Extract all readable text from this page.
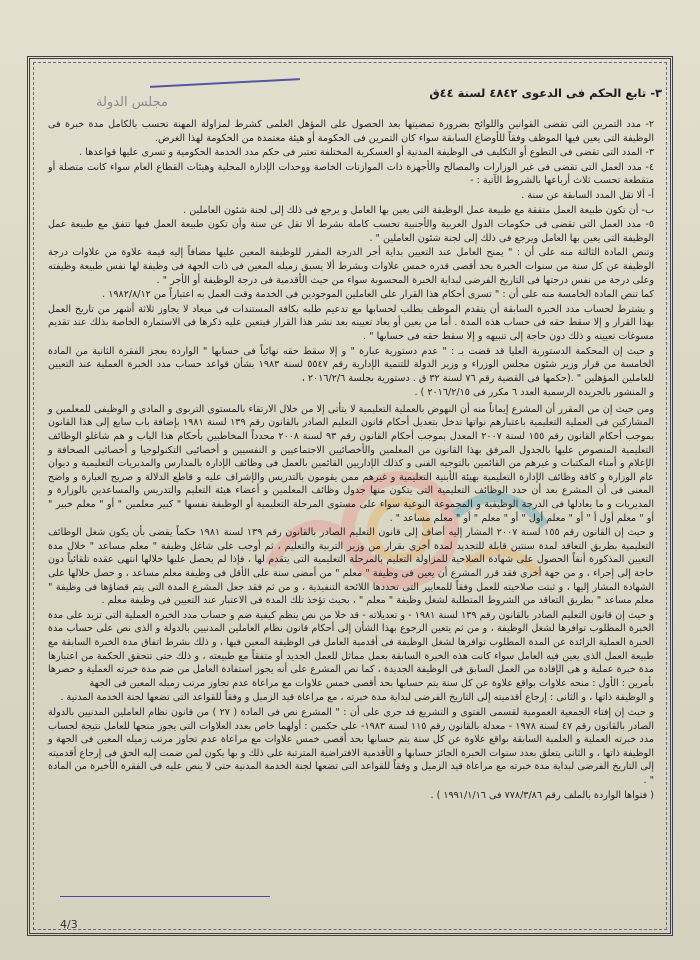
٣- تابع الحكم فى الدعوى ٤٨٤٢ لسنة ٤٤ق
مجلس الدولة

٢- مدد التمرين التى تقضى القوانين واللوائح بضرورة تمضيتها بعد الحصول على المؤهل العلمى كشرط لمزاولة المهنة تحسب بالكامل مدة خبرة فى الوظيفة التى يعين فيها الموظف وفقاً للأوضاع السابقة سواء كان التمرين فى الحكومة أو هيئة معتمدة من الحكومة لهذا الغرض.

٣- المدد التى تقضى فى التطوع أو التكليف فى الوظيفة المدنية أو العسكرية المختلفة تعتبر فى حكم مدد الخدمة الحكومية و تسرى عليها قواعدها .

٤- مدد العمل التى تقضى فى غير الوزارات والمصالح والأجهزة ذات الموازنات الخاصة ووحدات الإدارة المحلية وهيئات القطاع العام سواء كانت متصلة أو متقطعة تحسب ثلاث أرباعها بالشروط الآتية : -

أ- ألا تقل المدد السابقة عن سنة .

ب- أن تكون طبيعة العمل متفقة مع طبيعة عمل الوظيفة التى يعين بها العامل و يرجع فى ذلك إلى لجنة شئون العاملين .

٥- مدد العمل التى تقضى فى حكومات الدول العربية والأجنبية تحسب كاملة بشرط ألا تقل عن سنة وأن تكون طبيعة العمل فيها تتفق مع طبيعة عمل الوظيفة التى يعين بها العامل ويرجع فى ذلك إلى لجنة شئون العاملين " .

وتنص المادة الثالثة منه على أن : " يمنح العامل عند التعيين بداية أجر الدرجة المقرر للوظيفة المعين عليها مضافاً إليه قيمة علاوة من علاوات درجة الوظيفة عن كل سنة من سنوات الخبرة بحد أقصى قدره خمس علاوات وبشرط ألا يسبق زميله المعين فى ذات الجهة فى وظيفة لها نفس طبيعة وظيفته وعلى درجة من نفس درجتها فى التاريخ الفرضى لبداية الخبرة المحسوبة سواء من حيث الأقدمية فى درجة الوظيفة أو الأجر " .

كما تنص المادة الخامسة منه على أن : " تسرى أحكام هذا القرار على العاملين الموجودين فى الخدمة وقت العمل به اعتباراً من ١٩٨٢/٨/١٢ .

و يشترط لحساب مدد الخبرة السابقة أن يتقدم الموظف بطلب لحسابها مع تدعيم طلبه بكافة المستندات فى ميعاد لا يجاوز ثلاثة أشهر من تاريخ العمل بهذا القرار و إلا سقط حقه فى حساب هذه المدة . أما من يعين أو يعاد تعيينه بعد نشر هذا القرار فيتعين عليه ذكرها فى الاستمارة الخاصة بذلك عند تقديم مسوغات تعيينه و ذلك دون حاجة إلى تنبيهه و إلا سقط حقه فى حسابها " .

و حيث إن المحكمة الدستورية العليا قد قضت بـ : " عدم دستورية عبارة " و إلا سقط حقه نهائياً فى حسابها " الواردة بعجز الفقرة الثانية من المادة الخامسة من قرار وزير شئون مجلس الوزراء و وزير الدولة للتنمية الإدارية رقم ٥٥٤٧ لسنة ١٩٨٣ بشأن قواعد حساب مدد الخبرة العملية عند التعيين للعاملين المؤهلين " .(حكمها فى القضية رقم ٧٦ لسنة ٣٢ ق . دستورية بجلسة ٢٠١٦/٢/٦ ،

و المنشور بالجريدة الرسمية العدد ٦ مكرر فى ٢٠١٦/٢/١٥ ) .

ومن حيث إن من المقرر أن المشرع إيماناً منه أن النهوض بالعملية التعليمية لا يتأتى إلا من خلال الارتقاء بالمستوى التربوى و المادى و الوظيفى للمعلمين و المشاركين فى العملية التعليمية باعتبارهم نواتها تدخل بتعديل أحكام قانون التعليم الصادر بالقانون رقم ١٣٩ لسنة ١٩٨١ بإضافة باب سابع إلى هذا القانون بموجب أحكام القانون رقم ١٥٥ لسنة ٢٠٠٧ المعدل بموجب أحكام القانون رقم ٩٣ لسنة ٢٠٠٨ محدداً المخاطبين بأحكام هذا الباب و هم شاغلو الوظائف التعليمية المنصوص عليها بالجدول المرفق بهذا القانون من المعلمين والأخصائيين الاجتماعيين و النفسيين و أخصائيى التكنولوجيا و أخصائيى الصحافة و الإعلام و أمناء المكتبات و غيرهم من القائمين بالتوجيه الفنى و كذلك الإداريين القائمين بالعمل فى وظائف الإدارة بالمدارس والمديريات التعليمية و ديوان عام الوزارة و كافة وظائف الإدارة التعليمية بهيئة الأبنية التعليمية و غيرهم ممن يقومون بالتدريس والإشراف عليه و قاطع الدلالة و صريح العبارة و واضح المعنى فى أن المشرع بعد أن حدد الوظائف التعليمية التى يتكون منها جدول وظائف المعلمين و أعضاء هيئة التعليم والتدريس والمساعدين بالوزارة و المديريات و ما يعادلها فى الدرجة الوظيفية و المجموعة النوعية سواء على مستوى المرحلة التعليمية أو الوظيفة نفسها " كبير معلمين " أو " معلم خبير " أو " معلم أول أ " أو " معلم أول " أو " معلم " أو " معلم مساعد " .

و حيث إن القانون رقم ١٥٥ لسنة ٢٠٠٧ المشار إليه أضاف إلى قانون التعليم الصادر بالقانون رقم ١٣٩ لسنة ١٩٨١ حكماً يقضى بأن يكون شغل الوظائف التعليمية بطريق التعاقد لمدة سنتين قابلة للتجديد لمدة أخرى بقرار من وزير التربية والتعليم ، ثم أوجب على شاغل وظيفة " معلم مساعد " خلال مدة التعيين المذكورة أنفاً الحصول على شهادة الصلاحية للمزاولة التعليم بالمرحلة التعليمية التى يتقدم لها ، فإذا لم يحصل عليها خلالها انتهى عقده تلقائياً دون حاجة إلى إجراء ، و من جهة أخرى فقد قرر المشرع أن يعين فى وظيفة " معلم " من أمضى سنة على الأقل فى وظيفة معلم مساعد ، و حصل خلالها على الشهادة المشار إليها ، و ثبتت صلاحيته للعمل وفقاً للمعايير التى تحددها اللائحة التنفيذية ، و من ثم فقد جعل المشرع المدة التى يتم قضاؤها فى وظيفة " معلم مساعد " بطريق التعاقد من الشروط المتطلبة لشغل وظيفة " معلم " ، بحيث تؤخذ تلك المدة فى الاعتبار عند التعيين فى وظيفة معلم .

و حيث إن قانون التعليم الصادر بالقانون رقم ١٣٩ لسنة ١٩٨١ - و تعديلاته - قد خلا من نص ينظم كيفية ضم و حساب مدد الخبرة العملية التى تزيد على مدة الخبرة المطلوب توافرها لشغل الوظيفة ، و من ثم يتعين الرجوع بهذا الشأن إلى أحكام قانون نظام العاملين المدنيين بالدولة و الذى نص على حساب مدة الخبرة العملية الزائدة عن المدة المطلوب توافرها لشغل الوظيفة فى أقدمية العامل فى الوظيفة المعين فيها ، و ذلك بشرط اتفاق مدة الخبرة السابقة مع طبيعة العمل الذى يعين فيه العامل سواء كانت هذه الخبرة السابقة بعمل مماثل للعمل الجديد أو متفقاً مع طبيعته ، و ذلك حتى تتحقق الحكمة من اعتبارها مدة خبرة عملية و هى الإفادة من العمل السابق فى الوظيفة الجديدة ، كما نص المشرع على أنه يجوز استفادة العامل من ضم مدة خبرته العملية و حصرها بأمرين : الأول : منحه علاوات بواقع علاوة عن كل سنة يتم حسابها بحد أقصى خمس علاوات مع مراعاة عدم تجاوز مرتب زميله المعين فى الجهة

و الوظيفة ذاتها ، و الثانى : إرجاع أقدميته إلى التاريخ الفرضى لبداية مدة خبرته ، مع مراعاة قيد الزميل و وفقاً للقواعد التى تضعها لجنة الخدمة المدنية .

و حيث إن إفتاء الجمعية العمومية لقسمى الفتوى و التشريع قد جرى على أن : " المشرع نص فى المادة ( ٢٧ ) من قانون نظام العاملين المدنيين بالدولة الصادر بالقانون رقم ٤٧ لسنة ١٩٧٨ - معدلة بالقانون رقم ١١٥ لسنة ١٩٨٣- على حكمين : أولهما خاص بعدد العلاوات التى يجوز منحها للعامل نتيجة لحساب مدد خبرته العملية و العلمية السابقة بواقع علاوة عن كل سنة يتم حسابها بحد أقصى خمس علاوات مع مراعاة عدم تجاوز مرتب زميله المعين فى الجهة و الوظيفة ذاتها ، و الثانى يتعلق بعدد سنوات الخبرة الجائز حسابها و الأقدمية الافتراضية المترتبة على ذلك و بها يكون لمن ضمت إليه الحق فى إرجاع أقدميته إلى التاريخ الفرضى لبداية مدة خبرته مع مراعاة قيد الزميل و وفقاً للقواعد التى تضعها لجنة الخدمة المدنية حتى لا ينص عليه فى الفقرة الأخيرة من المادة " .

( فتواها الواردة بالملف رقم ٧٧٨/٣/٨٦ فى ١٩٩١/١/١٦ ) .

4/3
